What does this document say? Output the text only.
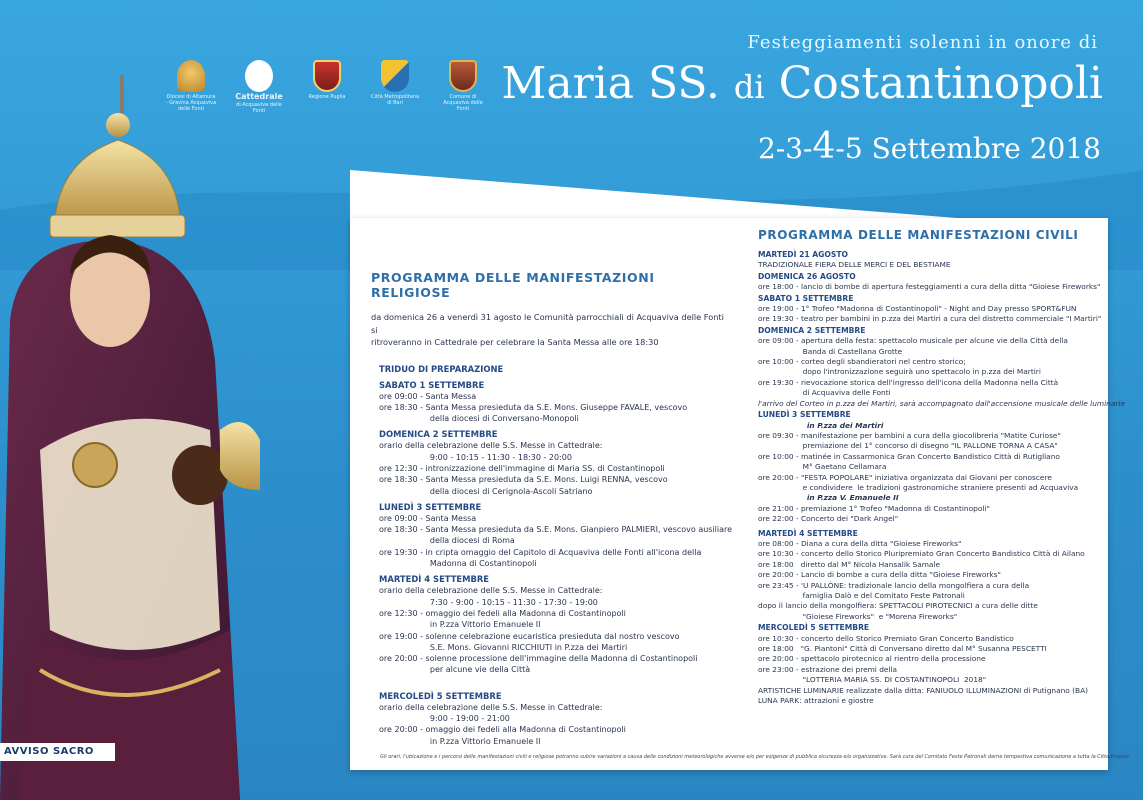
Festeggiamenti solenni in onore di
Maria SS. di Costantinopoli
2-3-4-5 Settembre 2018
Diocesi di Altamura - Gravina Acquaviva delle Fonti
Cattedrale
di Acquaviva delle Fonti
Regione Puglia	Città Metropolitana di Bari
Comune di Acquaviva delle Fonti
AVVISO SACRO
PROGRAMMA DELLE MANIFESTAZIONI RELIGIOSE
da domenica 26 a venerdì 31 agosto le Comunità parrocchiali di Acquaviva delle Fonti si
ritroveranno in Cattedrale per celebrare la Santa Messa alle ore 18:30
TRIDUO DI PREPARAZIONE
SABATO 1 SETTEMBRE
ore 09:00 - Santa Messa
ore 18:30 - Santa Messa presieduta da S.E. Mons. Giuseppe FAVALE, vescovo
della diocesi di Conversano-Monopoli
DOMENICA 2 SETTEMBRE
orario della celebrazione delle S.S. Messe in Cattedrale:
9:00 - 10:15 - 11:30 - 18:30 - 20:00
ore 12:30 - intronizzazione dell'immagine di Maria SS. di Costantinopoli
ore 18:30 - Santa Messa presieduta da S.E. Mons. Luigi RENNA, vescovo
della diocesi di Cerignola-Ascoli Satriano
LUNEDÌ 3 SETTEMBRE
ore 09:00 - Santa Messa
ore 18:30 - Santa Messa presieduta da S.E. Mons. Gianpiero PALMIERI, vescovo ausiliare
della diocesi di Roma
ore 19:30 - in cripta omaggio del Capitolo di Acquaviva delle Fonti all'icona della
Madonna di Costantinopoli
MARTEDÌ 4 SETTEMBRE
orario della celebrazione delle S.S. Messe in Cattedrale:
7:30 - 9:00 - 10:15 - 11:30 - 17:30 - 19:00
ore 12:30 - omaggio dei fedeli alla Madonna di Costantinopoli
in P.zza Vittorio Emanuele II
ore 19:00 - solenne celebrazione eucaristica presieduta dal nostro vescovo
S.E. Mons. Giovanni RICCHIUTI in P.zza dei Martiri
ore 20:00 - solenne processione dell'immagine della Madonna di Costantinopoli
per alcune vie della Città
MERCOLEDÌ 5 SETTEMBRE
orario della celebrazione delle S.S. Messe in Cattedrale:
9:00 - 19:00 - 21:00
ore 20:00 - omaggio dei fedeli alla Madonna di Costantinopoli
in P.zza Vittorio Emanuele II
PROGRAMMA DELLE MANIFESTAZIONI CIVILI
MARTEDÌ 21 AGOSTO
TRADIZIONALE FIERA DELLE MERCI E DEL BESTIAME
DOMENICA 26 AGOSTO
ore 18:00 - lancio di bombe di apertura festeggiamenti a cura della ditta "Gioiese Fireworks"
SABATO 1 SETTEMBRE
ore 19:00 - 1° Trofeo "Madonna di Costantinopoli" - Night and Day presso SPORT&FUN
ore 19:30 - teatro per bambini in p.zza dei Martiri a cura del distretto commerciale "I Martiri"
DOMENICA 2 SETTEMBRE
ore 09:00 - apertura della festa: spettacolo musicale per alcune vie della Città della
Banda di Castellana Grotte
ore 10:00 - corteo degli sbandieratori nel centro storico;
dopo l'intronizzazione seguirà uno spettacolo in p.zza dei Martiri
ore 19:30 - rievocazione storica dell'ingresso dell'icona della Madonna nella Città
di Acquaviva delle Fonti
l'arrivo del Corteo in p.zza dei Martiri, sarà accompagnato dall'accensione musicale delle luminarie
LUNEDÌ 3 SETTEMBRE
in P.zza dei Martiri
ore 09:30 - manifestazione per bambini a cura della giocolibreria "Matite Curiose"
premiazione del 1° concorso di disegno "IL PALLONE TORNA A CASA"
ore 10:00 - matinée in Cassarmonica Gran Concerto Bandistico Città di Rutigliano
M° Gaetano Cellamara
ore 20:00 - "FESTA POPOLARE" iniziativa organizzata dai Giovani per conoscere
e condividere  le tradizioni gastronomiche straniere presenti ad Acquaviva
in P.zza V. Emanuele II
ore 21:00 - premiazione 1° Trofeo "Madonna di Costantinopoli"
ore 22:00 - Concerto dei "Dark Angel"
MARTEDÌ 4 SETTEMBRE
ore 08:00 - Diana a cura della ditta "Gioiese Fireworks"
ore 10:30 - concerto dello Storico Pluripremiato Gran Concerto Bandistico Città di Ailano
ore 18:00   diretto dal M° Nicola Hansalik Samale
ore 20:00 - Lancio di bombe a cura della ditta "Gioiese Fireworks"
ore 23:45 - 'U PALLÒNE: tradizionale lancio della mongolfiera a cura della
famiglia Dalò e del Comitato Feste Patronali
dopo il lancio della mongolfiera: SPETTACOLI PIROTECNICI a cura delle ditte
"Gioiese Fireworks"  e "Morena Fireworks"
MERCOLEDÌ 5 SETTEMBRE
ore 10:30 - concerto dello Storico Premiato Gran Concerto Bandistico
ore 18:00   "G. Piantoni" Città di Conversano diretto dal M° Susanna PESCETTI
ore 20:00 - spettacolo pirotecnico al rientro della processione
ore 23:00 - estrazione dei premi della
"LOTTERIA MARIA SS. DI COSTANTINOPOLI  2018"
ARTISTICHE LUMINARIE realizzate dalla ditta: FANIUOLO ILLUMINAZIONI di Putignano (BA)
LUNA PARK: attrazioni e giostre
Gli orari, l'ubicazione e i percorsi delle manifestazioni civili e religiose potranno subire variazioni a causa delle condizioni meteorologiche avverse e/o per esigenze di pubblica sicurezza e/o organizzative. Sarà cura del Comitato Feste Patronali darne tempestiva comunicazione a tutta la Cittadinanza.
